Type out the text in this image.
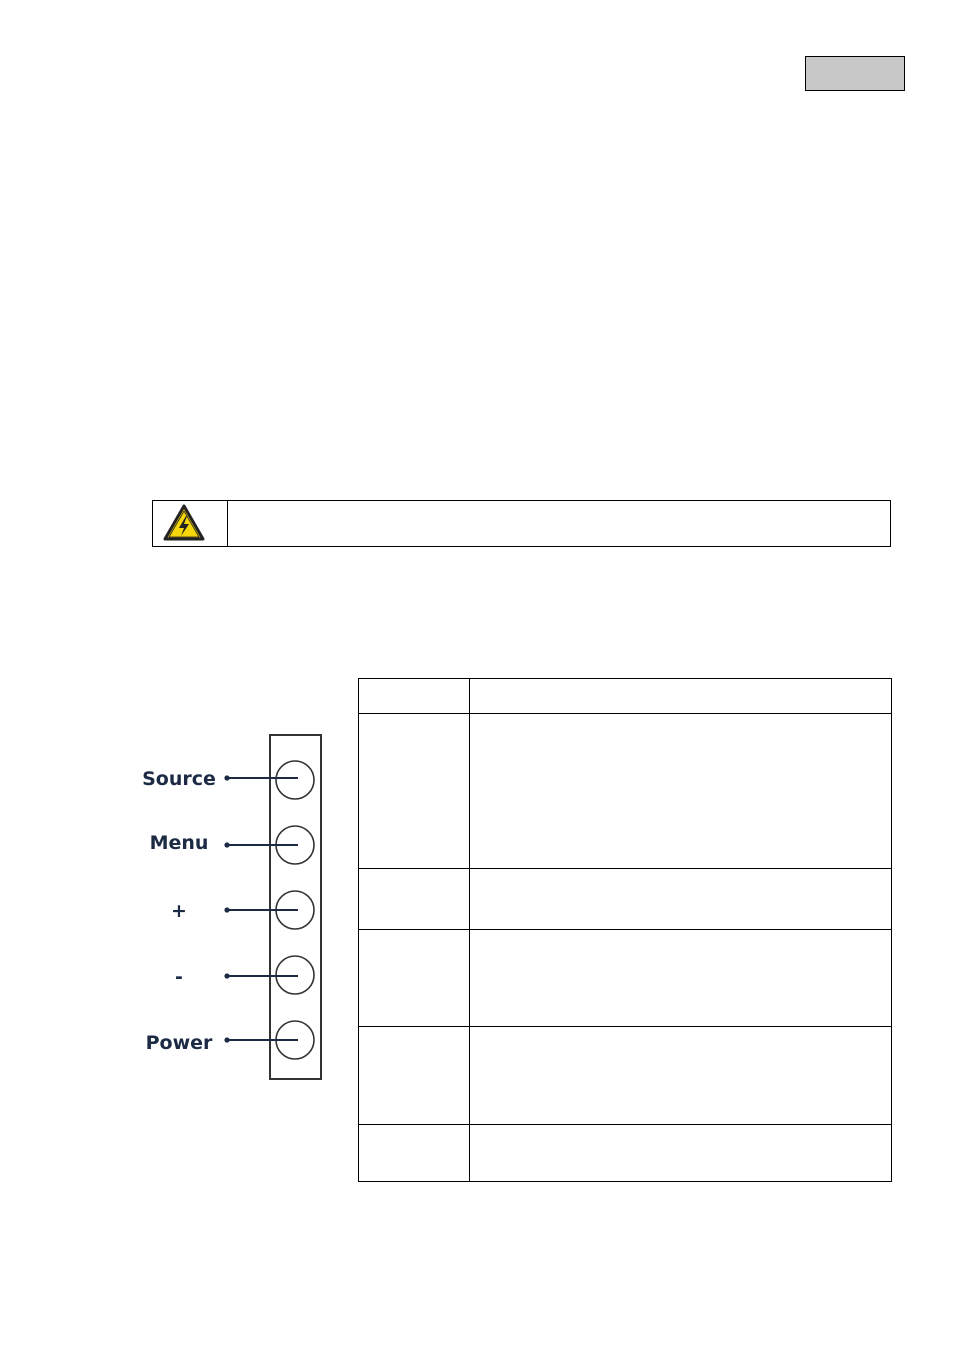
Source
Menu
+
-
Power
